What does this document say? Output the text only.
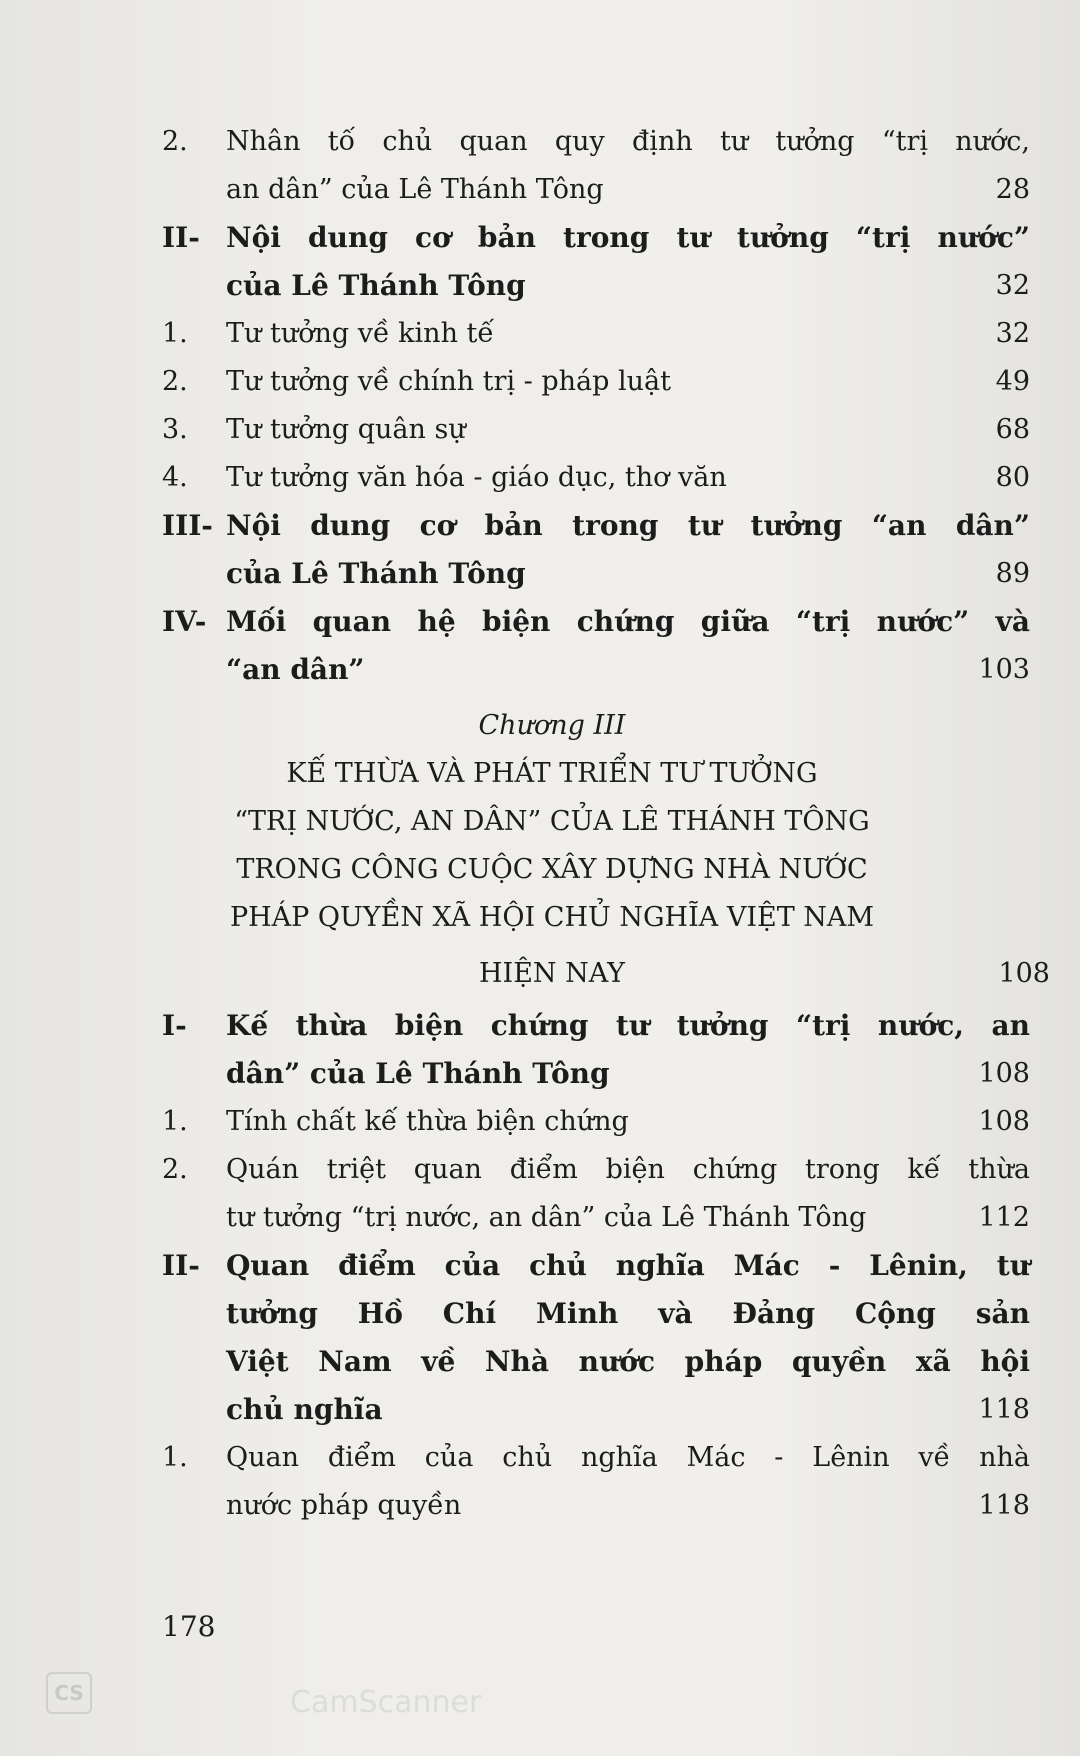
2.	Nhân tố chủ quan quy định tư tưởng “trị nước,
an dân” của Lê Thánh Tông	28
II- Nội dung cơ bản trong tư tưởng “trị nước”
của Lê Thánh Tông	32
1.	Tư tưởng về kinh tế	32
2.	Tư tưởng về chính trị - pháp luật	49
3.	Tư tưởng quân sự	68
4.	Tư tưởng văn hóa - giáo dục, thơ văn	80
III- Nội dung cơ bản trong tư tưởng “an dân”
của Lê Thánh Tông	89
IV- Mối quan hệ biện chứng giữa “trị nước” và
“an dân”	103
Chương III
KẾ THỪA VÀ PHÁT TRIỂN TƯ TƯỞNG
“TRỊ NƯỚC, AN DÂN” CỦA LÊ THÁNH TÔNG
TRONG CÔNG CUỘC XÂY DỰNG NHÀ NƯỚC
PHÁP QUYỀN XÃ HỘI CHỦ NGHĨA VIỆT NAM
HIỆN NAY	108
I-	Kế thừa biện chứng tư tưởng “trị nước, an
dân” của Lê Thánh Tông	108
1.	Tính chất kế thừa biện chứng	108
2.	Quán triệt quan điểm biện chứng trong kế thừa
tư tưởng “trị nước, an dân” của Lê Thánh Tông	112
II- Quan điểm của chủ nghĩa Mác - Lênin, tư
tưởng Hồ Chí Minh và Đảng Cộng sản
Việt Nam về Nhà nước pháp quyền xã hội
chủ nghĩa	118
1.	Quan điểm của chủ nghĩa Mác - Lênin về nhà
nước pháp quyền	118
178
CS	CamScanner
